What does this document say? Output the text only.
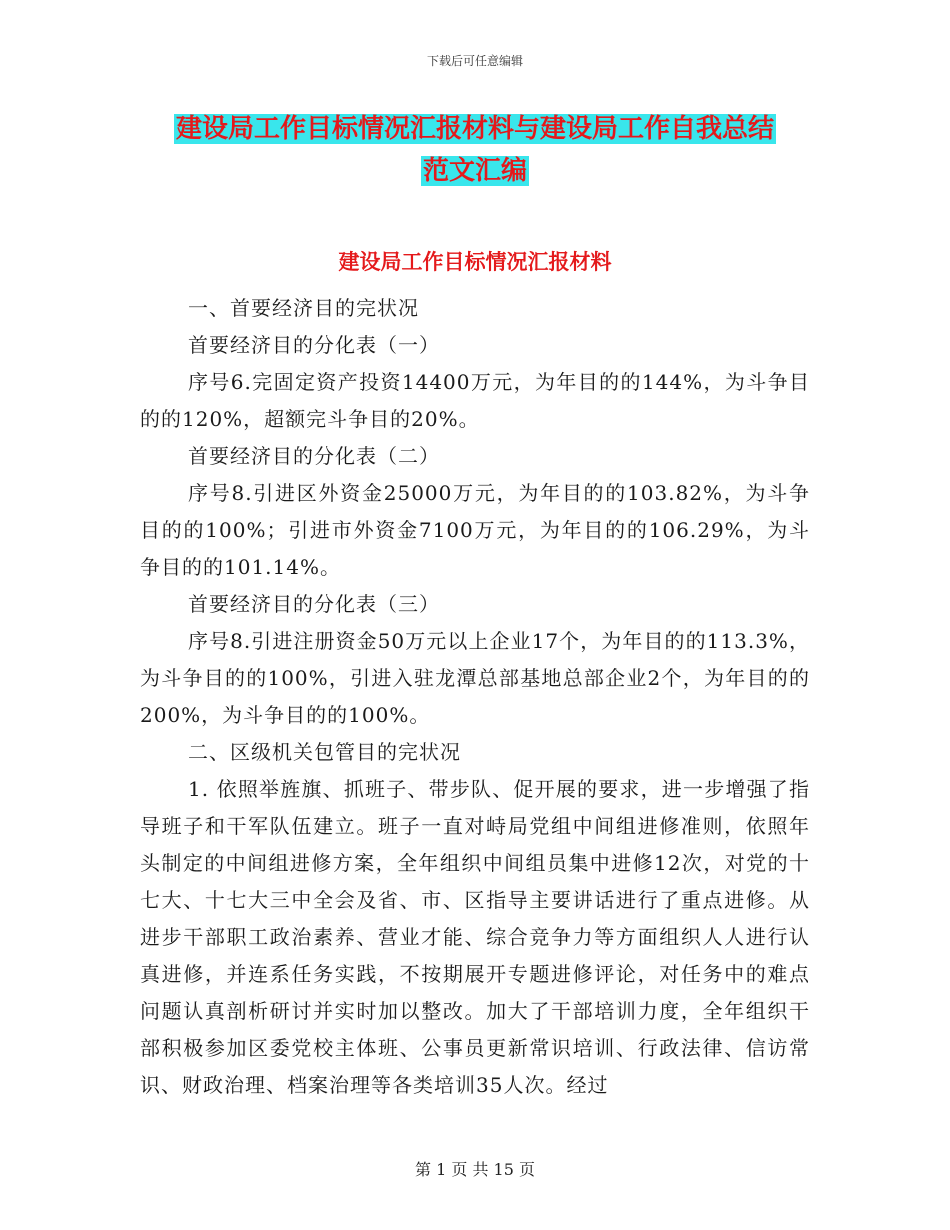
下载后可任意编辑
建设局工作目标情况汇报材料与建设局工作自我总结
范文汇编
建设局工作目标情况汇报材料

一、首要经济目的完状况

首要经济目的分化表（一）

序号6.完固定资产投资14400万元，为年目的的144%，为斗争目的的120%，超额完斗争目的20%。

首要经济目的分化表（二）

序号8.引进区外资金25000万元，为年目的的103.82%，为斗争目的的100%；引进市外资金7100万元，为年目的的106.29%，为斗争目的的101.14%。

首要经济目的分化表（三）

序号8.引进注册资金50万元以上企业17个，为年目的的113.3%，为斗争目的的100%，引进入驻龙潭总部基地总部企业2个，为年目的的200%，为斗争目的的100%。

二、区级机关包管目的完状况

1. 依照举旌旗、抓班子、带步队、促开展的要求，进一步增强了指导班子和干军队伍建立。班子一直对峙局党组中间组进修准则，依照年头制定的中间组进修方案，全年组织中间组员集中进修12次，对党的十七大、十七大三中全会及省、市、区指导主要讲话进行了重点进修。从进步干部职工政治素养、营业才能、综合竞争力等方面组织人人进行认真进修，并连系任务实践，不按期展开专题进修评论，对任务中的难点问题认真剖析研讨并实时加以整改。加大了干部培训力度，全年组织干部积极参加区委党校主体班、公事员更新常识培训、行政法律、信访常识、财政治理、档案治理等各类培训35人次。经过

第 1 页 共 15 页
